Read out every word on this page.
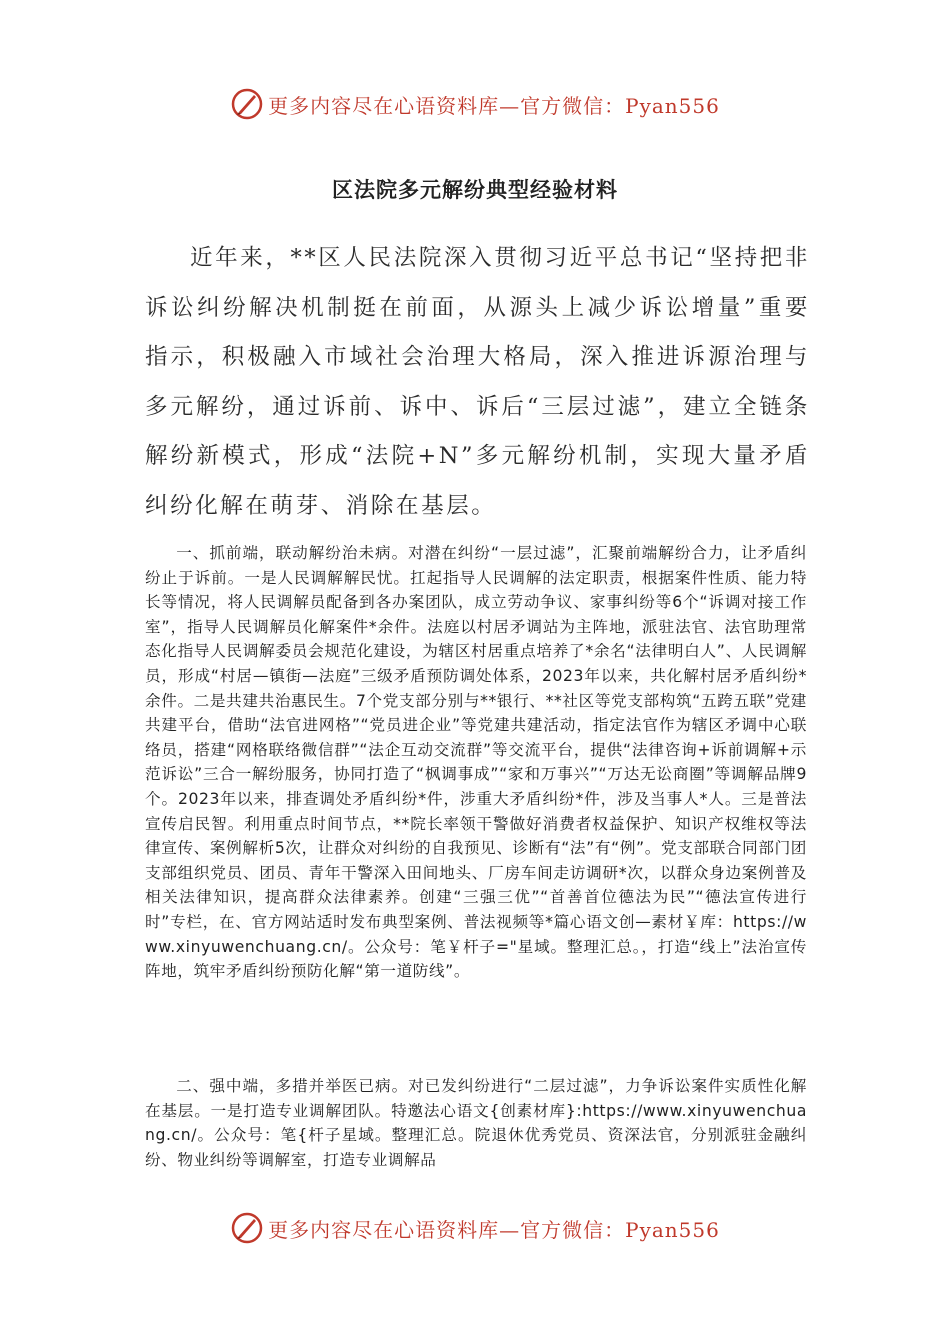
更多内容尽在心语资料库—官方微信：Pyan556
区法院多元解纷典型经验材料

近年来，**区人民法院深入贯彻习近平总书记“坚持把非诉讼纠纷解决机制挺在前面，从源头上减少诉讼增量”重要指示，积极融入市域社会治理大格局，深入推进诉源治理与多元解纷，通过诉前、诉中、诉后“三层过滤”，建立全链条解纷新模式，形成“法院+N”多元解纷机制，实现大量矛盾纠纷化解在萌芽、消除在基层。

一、抓前端，联动解纷治未病。对潜在纠纷“一层过滤”，汇聚前端解纷合力，让矛盾纠纷止于诉前。一是人民调解解民忧。扛起指导人民调解的法定职责，根据案件性质、能力特长等情况，将人民调解员配备到各办案团队，成立劳动争议、家事纠纷等6个“诉调对接工作室”，指导人民调解员化解案件*余件。法庭以村居矛调站为主阵地，派驻法官、法官助理常态化指导人民调解委员会规范化建设，为辖区村居重点培养了*余名“法律明白人”、人民调解员，形成“村居—镇街—法庭”三级矛盾预防调处体系，2023年以来，共化解村居矛盾纠纷*余件。二是共建共治惠民生。7个党支部分别与**银行、**社区等党支部构筑“五跨五联”党建共建平台，借助“法官进网格”“党员进企业”等党建共建活动，指定法官作为辖区矛调中心联络员，搭建“网格联络微信群”“法企互动交流群”等交流平台，提供“法律咨询+诉前调解+示范诉讼”三合一解纷服务，协同打造了“枫调事成”“家和万事兴”“万达无讼商圈”等调解品牌9个。2023年以来，排查调处矛盾纠纷*件，涉重大矛盾纠纷*件，涉及当事人*人。三是普法宣传启民智。利用重点时间节点，**院长率领干警做好消费者权益保护、知识产权维权等法律宣传、案例解析5次，让群众对纠纷的自我预见、诊断有“法”有“例”。党支部联合同部门团支部组织党员、团员、青年干警深入田间地头、厂房车间走访调研*次，以群众身边案例普及相关法律知识，提高群众法律素养。创建“三强三优”“首善首位德法为民”“德法宣传进行时”专栏，在、官方网站适时发布典型案例、普法视频等*篇心语文创—素材￥库：https://www.xinyuwenchuang.cn/。公众号：笔￥杆子="星域。整理汇总。，打造“线上”法治宣传阵地，筑牢矛盾纠纷预防化解“第一道防线”。

二、强中端，多措并举医已病。对已发纠纷进行“二层过滤”，力争诉讼案件实质性化解在基层。一是打造专业调解团队。特邀法心语文{创素材库}:https://www.xinyuwenchuang.cn/。公众号：笔{杆子星域。整理汇总。院退休优秀党员、资深法官，分别派驻金融纠纷、物业纠纷等调解室，打造专业调解品

更多内容尽在心语资料库—官方微信：Pyan556
